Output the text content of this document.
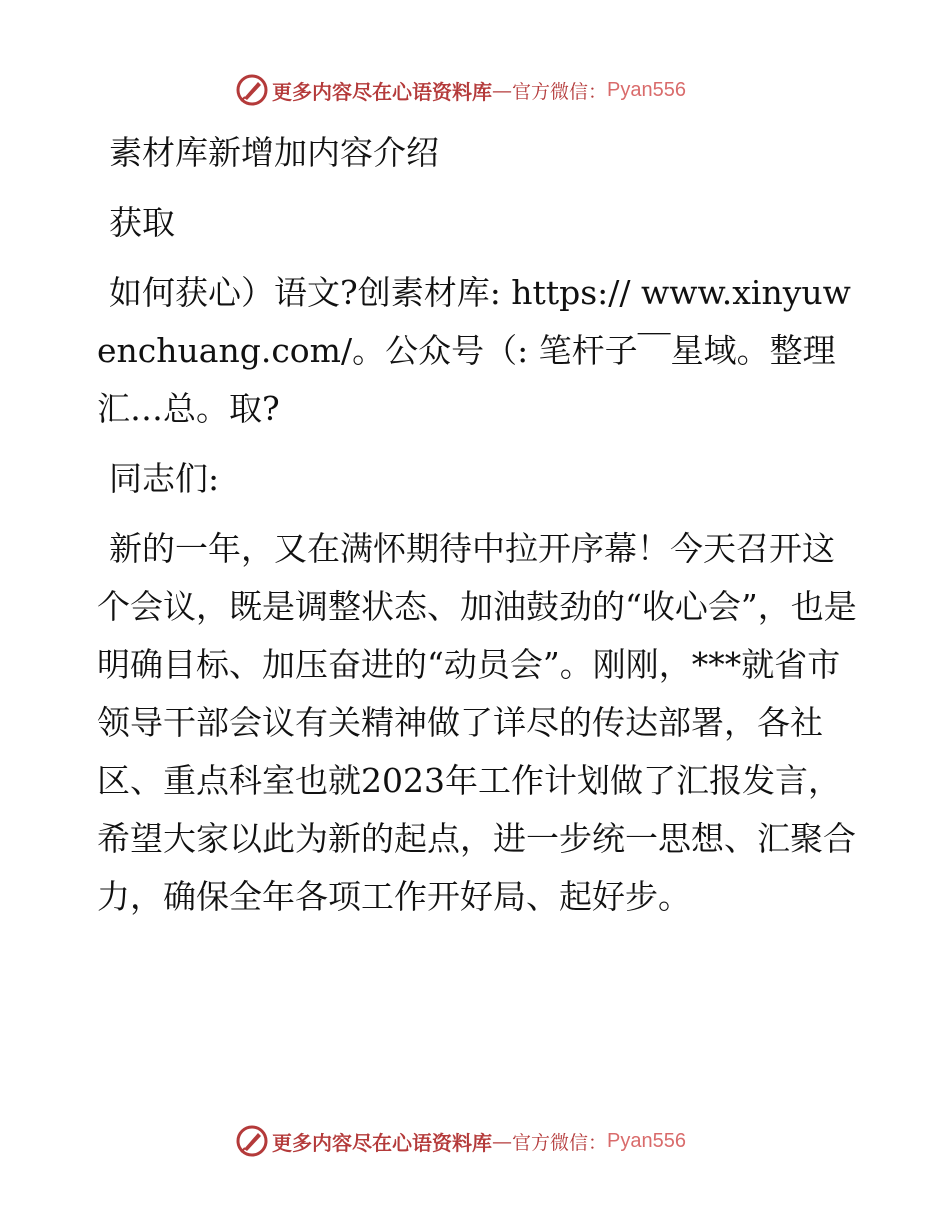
更多内容尽在心语资料库 — 官方微信： Pyan556

素材库新增加内容介绍

获取

如何获心）语文?创素材库: https:// www.xinyuwenchuang.com/。公众号（: 笔杆子￣星域。整理汇…总。取?

同志们:

新的一年，又在满怀期待中拉开序幕！今天召开这个会议，既是调整状态、加油鼓劲的“收心会”，也是明确目标、加压奋进的“动员会”。刚刚，***就省市领导干部会议有关精神做了详尽的传达部署，各社区、重点科室也就2023年工作计划做了汇报发言，希望大家以此为新的起点，进一步统一思想、汇聚合力，确保全年各项工作开好局、起好步。

更多内容尽在心语资料库 — 官方微信： Pyan556
